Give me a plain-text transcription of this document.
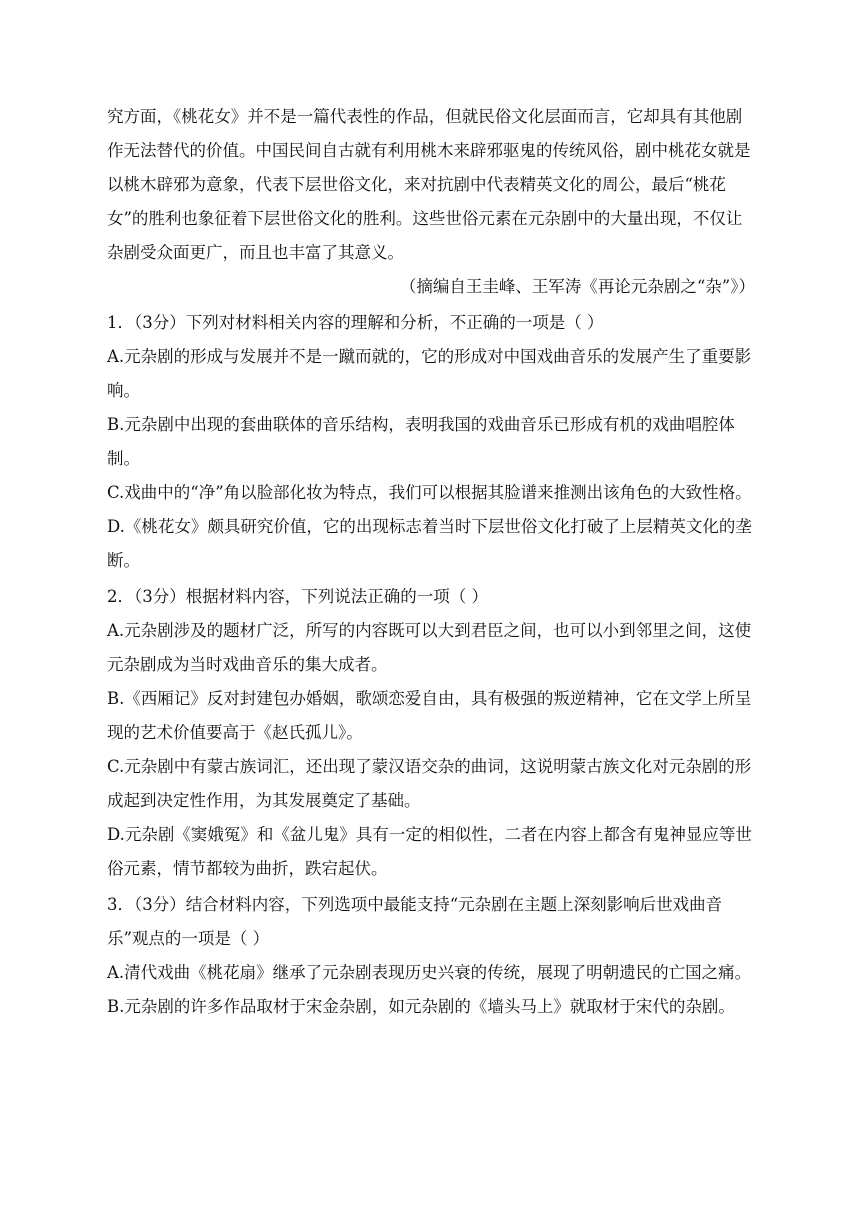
究方面，《桃花女》并不是一篇代表性的作品，但就民俗文化层面而言，它却具有其他剧作无法替代的价值。中国民间自古就有利用桃木来辟邪驱鬼的传统风俗，剧中桃花女就是以桃木辟邪为意象，代表下层世俗文化，来对抗剧中代表精英文化的周公，最后“桃花女”的胜利也象征着下层世俗文化的胜利。这些世俗元素在元杂剧中的大量出现，不仅让杂剧受众面更广，而且也丰富了其意义。

（摘编自王圭峰、王军涛《再论元杂剧之“杂”》）

1．（3分）下列对材料相关内容的理解和分析，不正确的一项是（ ）

A.元杂剧的形成与发展并不是一蹴而就的，它的形成对中国戏曲音乐的发展产生了重要影响。

B.元杂剧中出现的套曲联体的音乐结构，表明我国的戏曲音乐已形成有机的戏曲唱腔体制。

C.戏曲中的“净”角以脸部化妆为特点，我们可以根据其脸谱来推测出该角色的大致性格。

D.《桃花女》颇具研究价值，它的出现标志着当时下层世俗文化打破了上层精英文化的垄断。

2．（3分）根据材料内容，下列说法正确的一项（ ）

A.元杂剧涉及的题材广泛，所写的内容既可以大到君臣之间，也可以小到邻里之间，这使元杂剧成为当时戏曲音乐的集大成者。

B.《西厢记》反对封建包办婚姻，歌颂恋爱自由，具有极强的叛逆精神，它在文学上所呈现的艺术价值要高于《赵氏孤儿》。

C.元杂剧中有蒙古族词汇，还出现了蒙汉语交杂的曲词，这说明蒙古族文化对元杂剧的形成起到决定性作用，为其发展奠定了基础。

D.元杂剧《窦娥冤》和《盆儿鬼》具有一定的相似性，二者在内容上都含有鬼神显应等世俗元素，情节都较为曲折，跌宕起伏。

3．（3分）结合材料内容，下列选项中最能支持“元杂剧在主题上深刻影响后世戏曲音乐”观点的一项是（ ）

A.清代戏曲《桃花扇》继承了元杂剧表现历史兴衰的传统，展现了明朝遗民的亡国之痛。

B.元杂剧的许多作品取材于宋金杂剧，如元杂剧的《墙头马上》就取材于宋代的杂剧。
